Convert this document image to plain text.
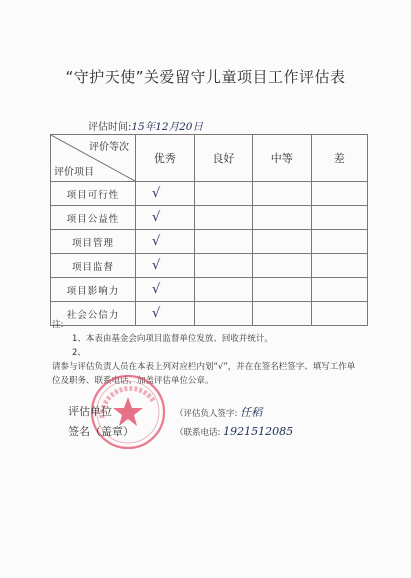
“守护天使”关爱留守儿童项目工作评估表
评估时间:15年12月20日
评价等次
评价项目	优秀	良好	中等	差
项目可行性	√			
项目公益性	√			
项目管理	√			
项目监督	√			
项目影响力	√			
社会公信力	√			
注:
1、本表由基金会向项目监督单位发放、回收并统计。
2、
请参与评估负责人员在本表上列对应栏内划“√”，并在在签名栏签字、填写工作单
位及职务、联系电话、加盖评估单位公章。
评估单位
签名（盖章）
（评估负人签字: 任稻
（联系电话: 1921512085
